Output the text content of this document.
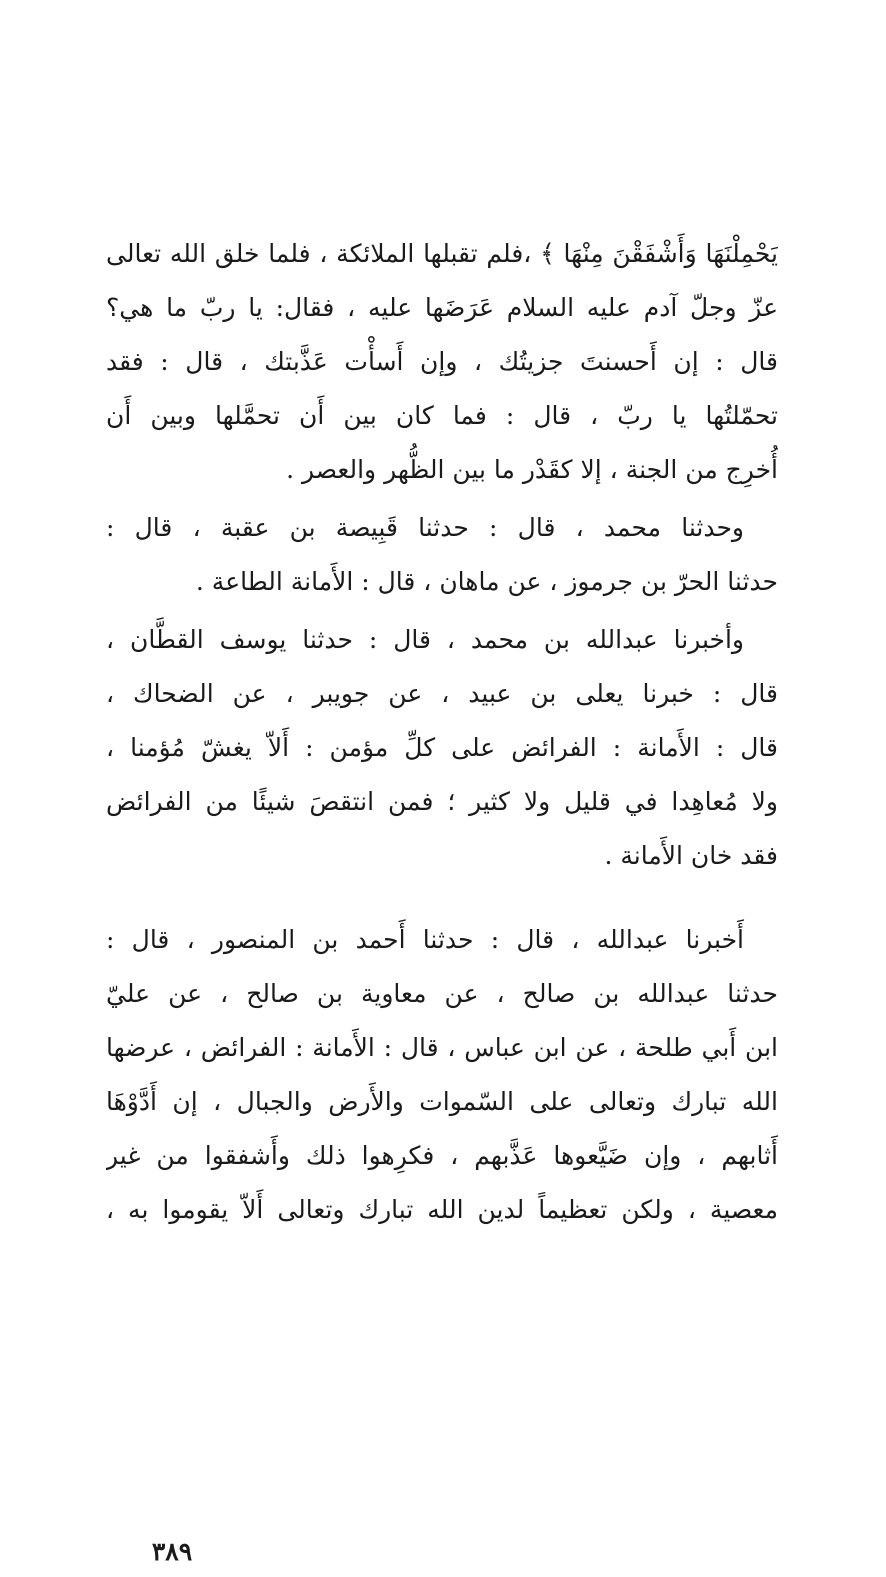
يَحْمِلْنَهَا وَأَشْفَقْنَ مِنْهَا ﴾ ،فلم تقبلها الملائكة ، فلما خلق الله تعالى
عزّ وجلّ آدم عليه السلام عَرَضَها عليه ، فقال: يا ربّ ما هي؟
قال : إن أَحسنتَ جزيتُك ، وإن أَسأْت عَذَّبتك ، قال : فقد
تحمّلتُها يا ربّ ، قال : فما كان بين أَن تحمَّلها وبين أَن
أُخرِج من الجنة ، إلا كقَدْر ما بين الظُّهر والعصر .
وحدثنا محمد ، قال : حدثنا قَبِيصة بن عقبة ، قال :
حدثنا الحرّ بن جرموز ، عن ماهان ، قال : الأَمانة الطاعة .
وأخبرنا عبدالله بن محمد ، قال : حدثنا يوسف القطَّان ،
قال : خبرنا يعلى بن عبيد ، عن جويبر ، عن الضحاك ،
قال : الأَمانة : الفرائض على كلِّ مؤمن : أَلاّ يغشّ مُؤمنا ،
ولا مُعاهِدا في قليل ولا كثير ؛ فمن انتقصَ شيئًا من الفرائض
فقد خان الأَمانة .
أَخبرنا عبدالله ، قال : حدثنا أَحمد بن المنصور ، قال :
حدثنا عبدالله بن صالح ، عن معاوية بن صالح ، عن عليّ
ابن أَبي طلحة ، عن ابن عباس ، قال : الأَمانة : الفرائض ، عرضها
الله تبارك وتعالى على السّموات والأَرض والجبال ، إن أَدَّوْهَا
أَثابهم ، وإن ضَيَّعوها عَذَّبهم ، فكرِهوا ذلك وأَشفقوا من غير
معصية ، ولكن تعظيماً لدين الله تبارك وتعالى أَلاّ يقوموا به ،
٣٨٩
